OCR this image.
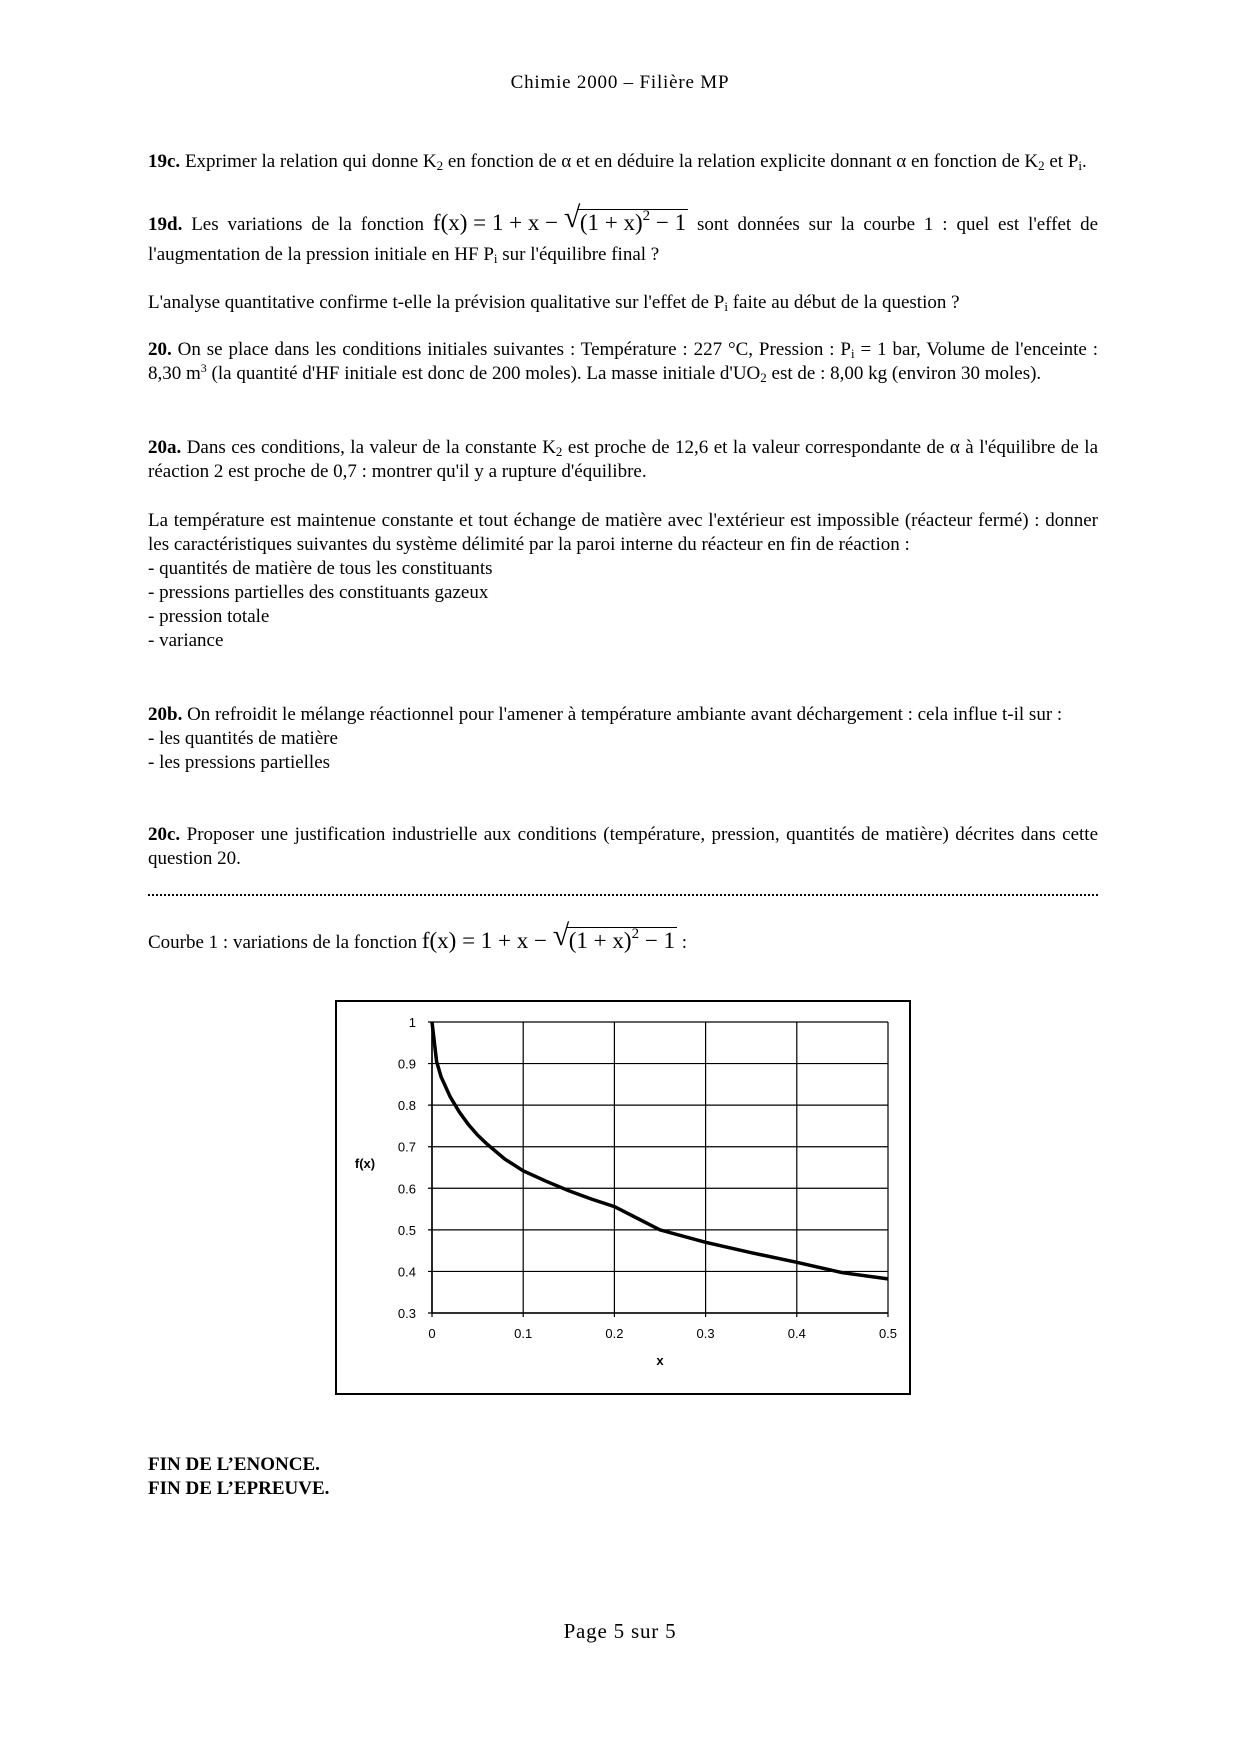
Chimie 2000 – Filière MP
19c. Exprimer la relation qui donne $K_2$ en fonction de α et en déduire la relation explicite donnant α en fonction de $K_2$ et $P_i$.
19d. Les variations de la fonction f(x) = 1 + x − √ $(1 + x)^2 - 1$ sont données sur la courbe 1 : quel est l'effet de l'augmentation de la pression initiale en HF $P_i$ sur l'équilibre final ?
L'analyse quantitative confirme t-elle la prévision qualitative sur l'effet de $P_i$ faite au début de la question ?
20. On se place dans les conditions initiales suivantes : Température : 227 °C, Pression : $P_i = 1$ bar, Volume de l'enceinte : 8,30 $m^3$ (la quantité d'HF initiale est donc de 200 moles). La masse initiale $d'UO_2$ est de : 8,00 kg (environ 30 moles).
20a. Dans ces conditions, la valeur de la constante $K_2$ est proche de 12,6 et la valeur correspondante de α à l'équilibre de la réaction 2 est proche de 0,7 : montrer qu'il y a rupture d'équilibre.
La température est maintenue constante et tout échange de matière avec l'extérieur est impossible (réacteur fermé) : donner les caractéristiques suivantes du système délimité par la paroi interne du réacteur en fin de réaction :
- quantités de matière de tous les constituants
- pressions partielles des constituants gazeux
- pression totale
- variance
20b. On refroidit le mélange réactionnel pour l'amener à température ambiante avant déchargement : cela influe t-il sur :
- les quantités de matière
- les pressions partielles
20c. Proposer une justification industrielle aux conditions (température, pression, quantités de matière) décrites dans cette question 20.
Courbe 1 : variations de la fonction f(x) = 1 + x − √ $(1 + x)^2 - 1$ :
0.3
0.4
0.5
0.6
0.7
0.8
0.9
1
0	0.1	0.2	0.3	0.4	0.5
x
f(x)
FIN DE L’ENONCE.
FIN DE L’EPREUVE.
Page 5 sur 5
